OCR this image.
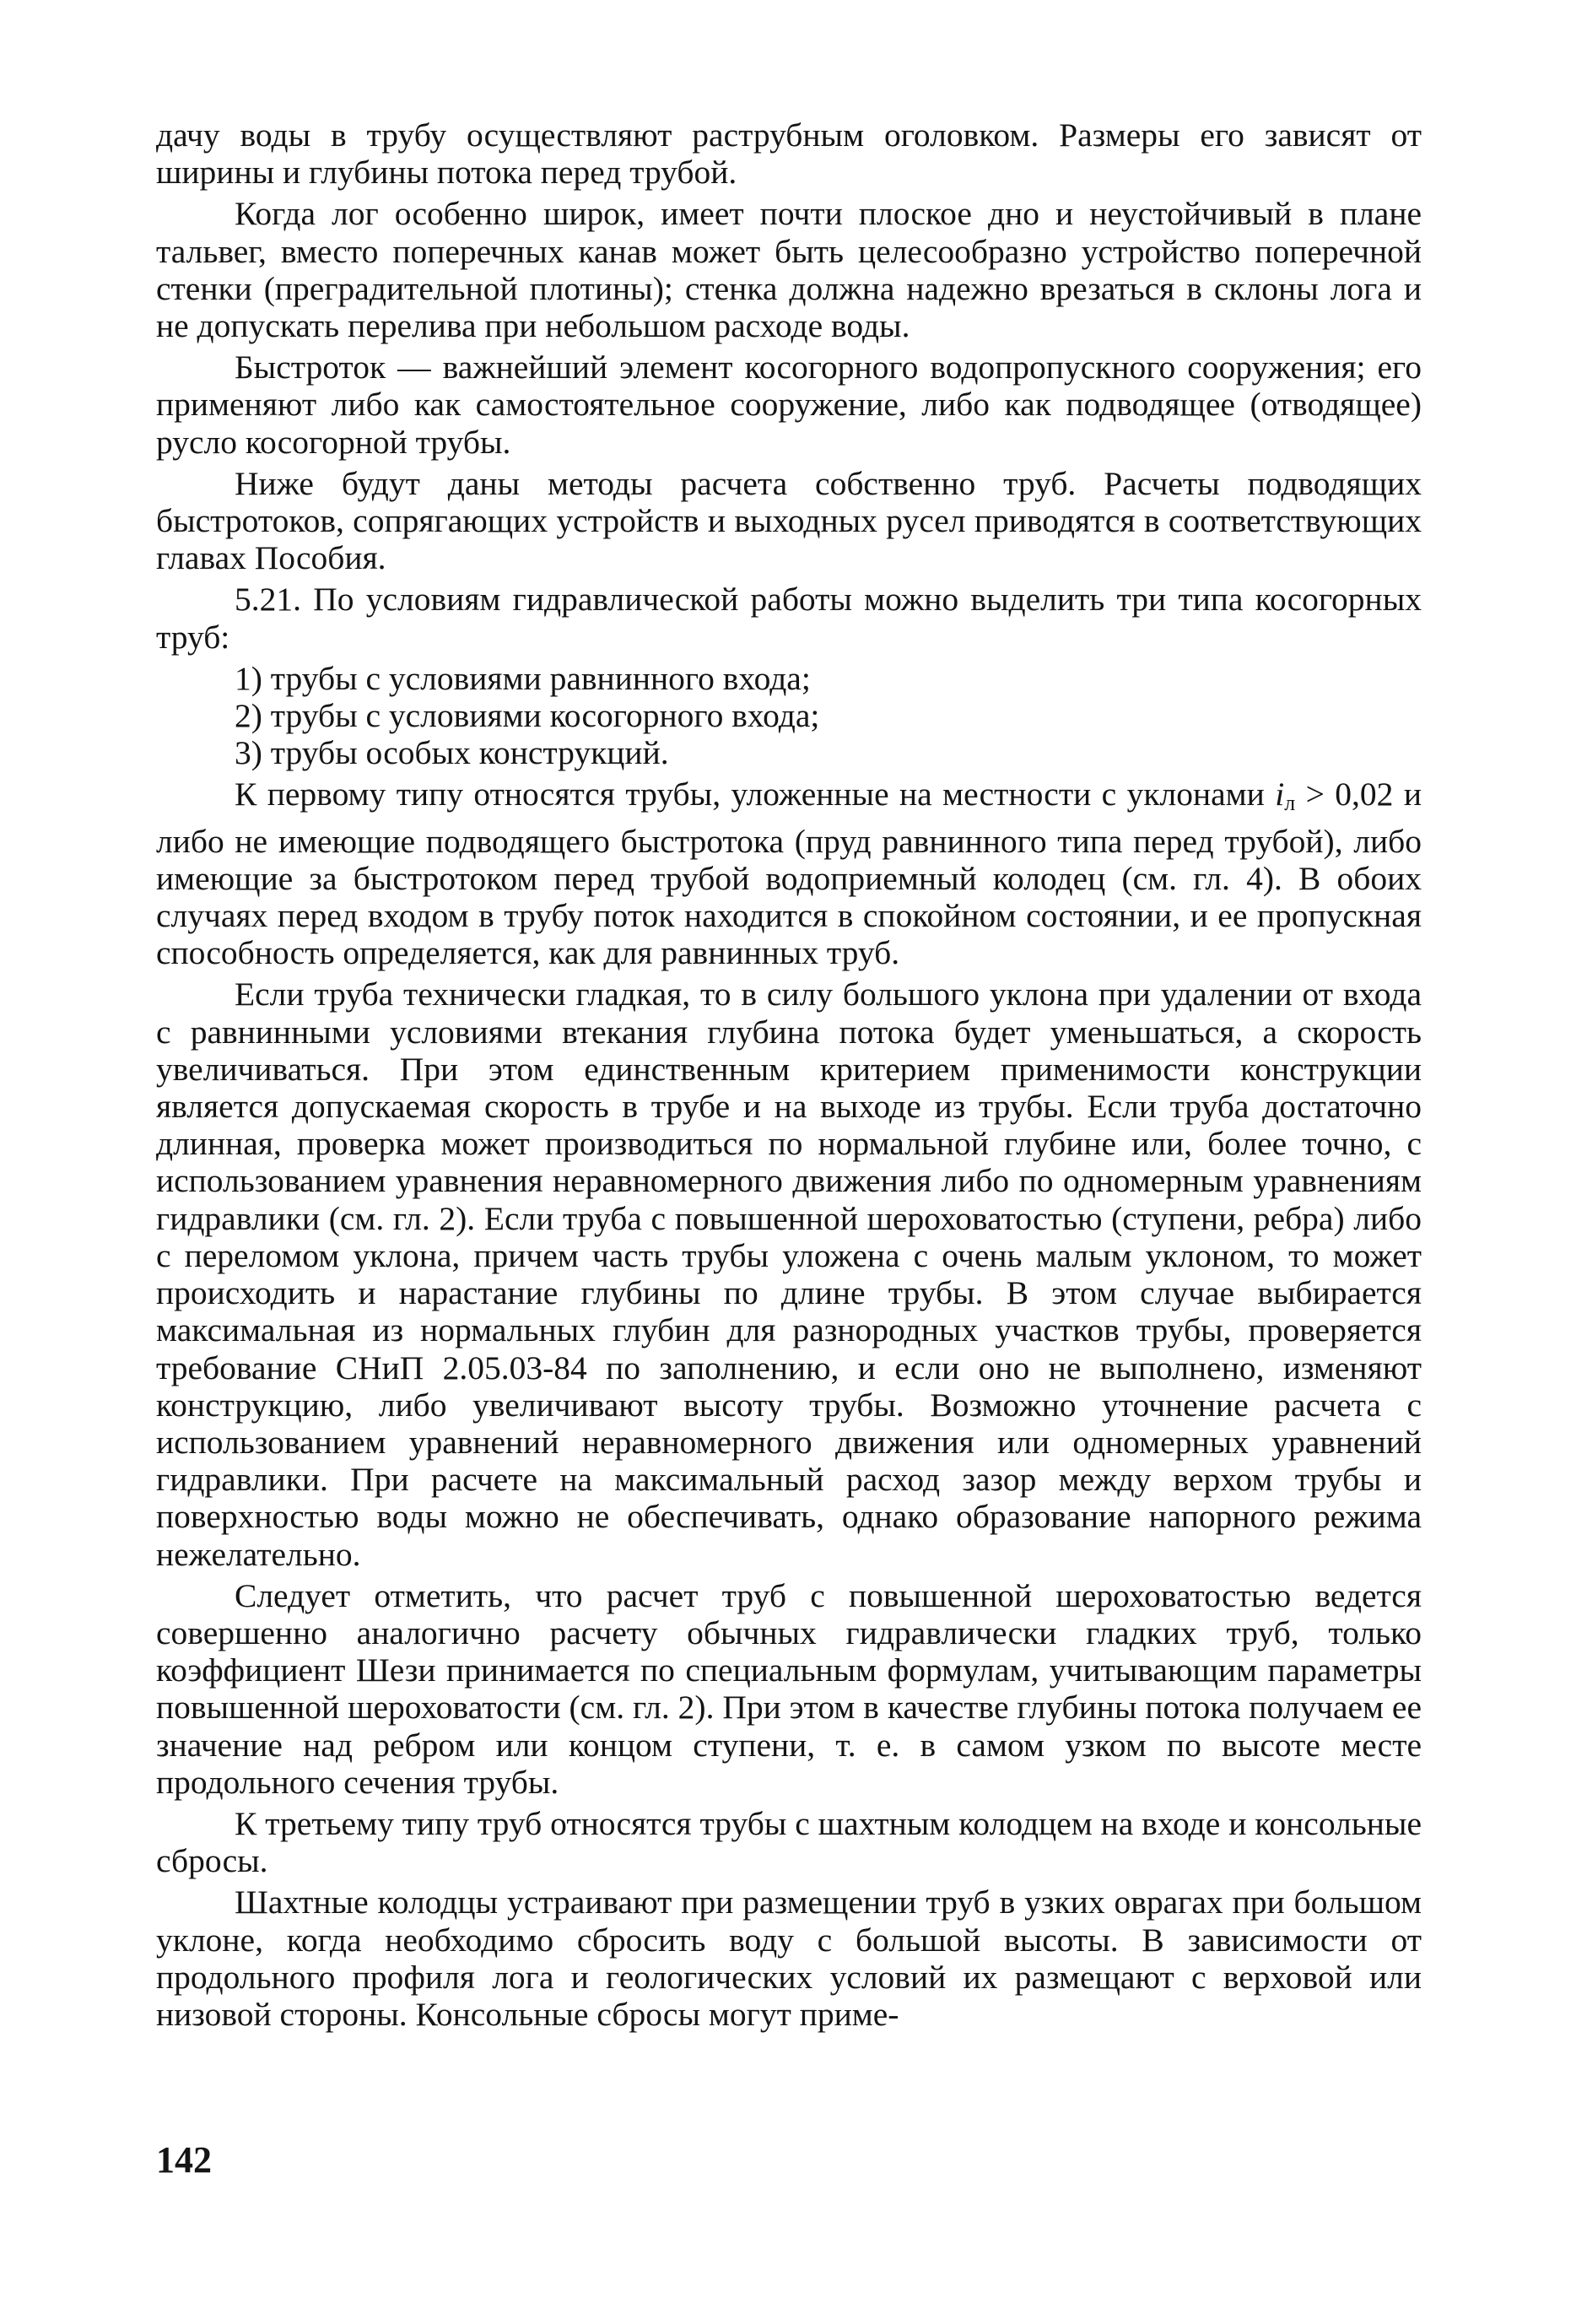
дачу воды в трубу осуществляют раструбным оголовком. Размеры его зависят от ширины и глубины потока перед трубой.

Когда лог особенно широк, имеет почти плоское дно и неустойчивый в плане тальвег, вместо поперечных канав может быть целесообразно устройство поперечной стенки (преградительной плотины); стенка должна надежно врезаться в склоны лога и не допускать перелива при небольшом расходе воды.

Быстроток — важнейший элемент косогорного водопропускного сооружения; его применяют либо как самостоятельное сооружение, либо как подводящее (отводящее) русло косогорной трубы.

Ниже будут даны методы расчета собственно труб. Расчеты подводящих быстротоков, сопрягающих устройств и выходных русел приводятся в соответствующих главах Пособия.

5.21. По условиям гидравлической работы можно выделить три типа косогорных труб:

1) трубы с условиями равнинного входа;

2) трубы с условиями косогорного входа;

3) трубы особых конструкций.

К первому типу относятся трубы, уложенные на местности с уклонами $i_л > 0,02$ и либо не имеющие подводящего быстротока (пруд равнинного типа перед трубой), либо имеющие за быстротоком перед трубой водоприемный колодец (см. гл. 4). В обоих случаях перед входом в трубу поток находится в спокойном состоянии, и ее пропускная способность определяется, как для равнинных труб.

Если труба технически гладкая, то в силу большого уклона при удалении от входа с равнинными условиями втекания глубина потока будет уменьшаться, а скорость увеличиваться. При этом единственным критерием применимости конструкции является допускаемая скорость в трубе и на выходе из трубы. Если труба достаточно длинная, проверка может производиться по нормальной глубине или, более точно, с использованием уравнения неравномерного движения либо по одномерным уравнениям гидравлики (см. гл. 2). Если труба с повышенной шероховатостью (ступени, ребра) либо с переломом уклона, причем часть трубы уложена с очень малым уклоном, то может происходить и нарастание глубины по длине трубы. В этом случае выбирается максимальная из нормальных глубин для разнородных участков трубы, проверяется требование СНиП 2.05.03-84 по заполнению, и если оно не выполнено, изменяют конструкцию, либо увеличивают высоту трубы. Возможно уточнение расчета с использованием уравнений неравномерного движения или одномерных уравнений гидравлики. При расчете на максимальный расход зазор между верхом трубы и поверхностью воды можно не обеспечивать, однако образование напорного режима нежелательно.

Следует отметить, что расчет труб с повышенной шероховатостью ведется совершенно аналогично расчету обычных гидравлически гладких труб, только коэффициент Шези принимается по специальным формулам, учитывающим параметры повышенной шероховатости (см. гл. 2). При этом в качестве глубины потока получаем ее значение над ребром или концом ступени, т. е. в самом узком по высоте месте продольного сечения трубы.

К третьему типу труб относятся трубы с шахтным колодцем на входе и консольные сбросы.

Шахтные колодцы устраивают при размещении труб в узких оврагах при большом уклоне, когда необходимо сбросить воду с большой высоты. В зависимости от продольного профиля лога и геологических условий их размещают с верховой или низовой стороны. Консольные сбросы могут приме-

142
